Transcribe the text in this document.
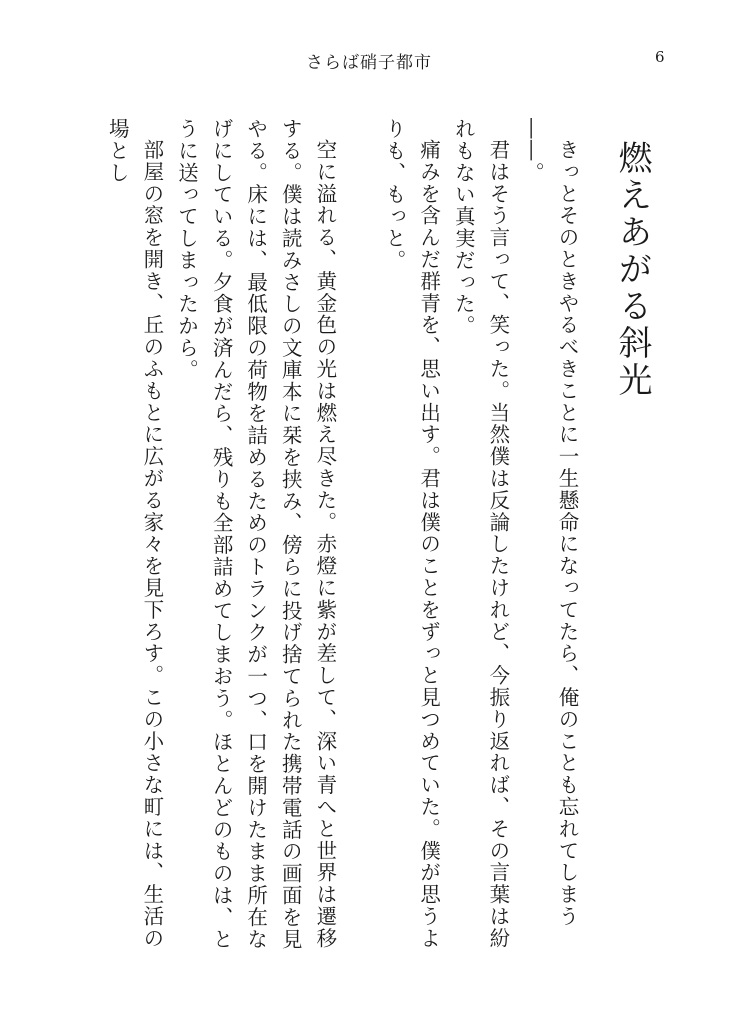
さらば硝子都市	6
燃えあがる斜光

きっとそのときやるべきことに一生懸命になってたら、俺のことも忘れてしまう――。

君はそう言って、笑った。当然僕は反論したけれど、今振り返れば、その言葉は紛れもない真実だった。

痛みを含んだ群青を、思い出す。君は僕のことをずっと見つめていた。僕が思うよりも、もっと。

空に溢れる、黄金色の光は燃え尽きた。赤燈に紫が差して、深い青へと世界は遷移する。僕は読みさしの文庫本に栞を挟み、傍らに投げ捨てられた携帯電話の画面を見やる。床には、最低限の荷物を詰めるためのトランクが一つ、口を開けたまま所在なげにしている。夕食が済んだら、残りも全部詰めてしまおう。ほとんどのものは、とうに送ってしまったから。

部屋の窓を開き、丘のふもとに広がる家々を見下ろす。この小さな町には、生活の場とし
